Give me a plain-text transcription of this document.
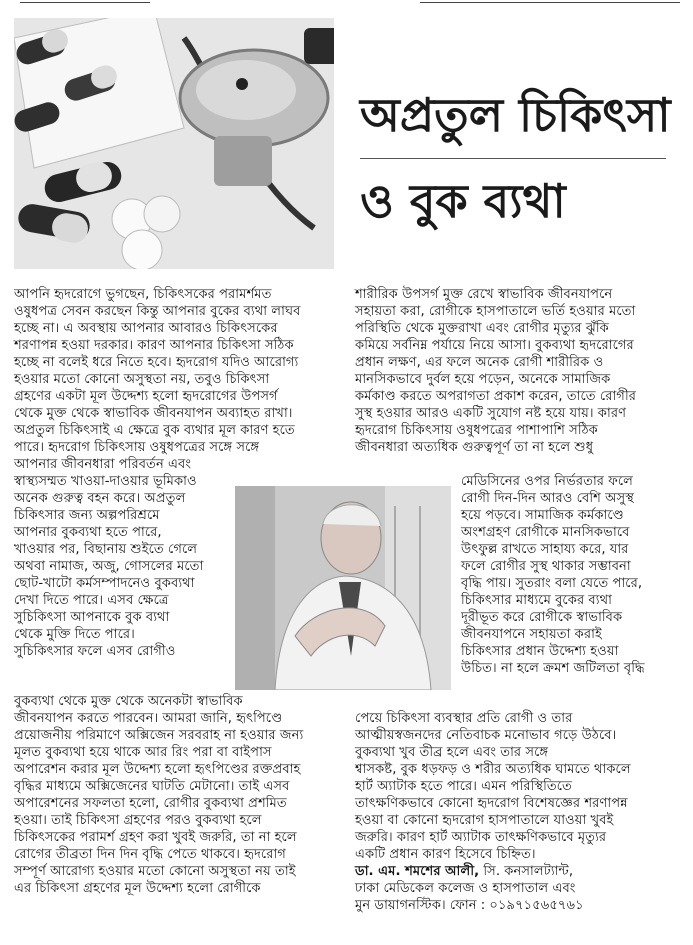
অপ্রতুল চিকিৎসা
ও বুক ব্যথা

আপনি হৃদরোগে ভুগছেন, চিকিৎসকের পরামর্শমত

ওষুধপত্র সেবন করছেন কিন্তু আপনার বুকের ব্যথা লাঘব

হচ্ছে না। এ অবস্থায় আপনার আবারও চিকিৎসকের

শরণাপন্ন হওয়া দরকার। কারণ আপনার চিকিৎসা সঠিক

হচ্ছে না বলেই ধরে নিতে হবে। হৃদরোগ যদিও আরোগ্য

হওয়ার মতো কোনো অসুস্থতা নয়, তবুও চিকিৎসা

গ্রহণের একটা মূল উদ্দেশ্য হলো হৃদরোগের উপসর্গ

থেকে মুক্ত থেকে স্বাভাবিক জীবনযাপন অব্যাহত রাখা।

অপ্রতুল চিকিৎসাই এ ক্ষেত্রে বুক ব্যথার মূল কারণ হতে

পারে। হৃদরোগ চিকিৎসায় ওষুধপত্রের সঙ্গে সঙ্গে

আপনার জীবনধারা পরিবর্তন এবং

স্বাস্থ্যসম্মত খাওয়া-দাওয়ার ভূমিকাও

অনেক গুরুত্ব বহন করে। অপ্রতুল

চিকিৎসার জন্য অল্পপরিশ্রমে

আপনার বুকব্যথা হতে পারে,

খাওয়ার পর, বিছানায় শুইতে গেলে

অথবা নামাজ, অজু, গোসলের মতো

ছোট-খাটো কর্মসম্পাদনেও বুকব্যথা

দেখা দিতে পারে। এসব ক্ষেত্রে

সুচিকিৎসা আপনাকে বুক ব্যথা

থেকে মুক্তি দিতে পারে।

সুচিকিৎসার ফলে এসব রোগীও

বুকব্যথা থেকে মুক্ত থেকে অনেকটা স্বাভাবিক

জীবনযাপন করতে পারবেন। আমরা জানি, হৃৎপিণ্ডে

প্রয়োজনীয় পরিমাণে অক্সিজেন সরবরাহ না হওয়ার জন্য

মূলত বুকব্যথা হয়ে থাকে আর রিং পরা বা বাইপাস

অপারেশন করার মূল উদ্দেশ্য হলো হৃৎপিণ্ডের রক্তপ্রবাহ

বৃদ্ধির মাধ্যমে অক্সিজেনের ঘাটতি মেটানো। তাই এসব

অপারেশনের সফলতা হলো, রোগীর বুকব্যথা প্রশমিত

হওয়া। তাই চিকিৎসা গ্রহণের পরও বুকব্যথা হলে

চিকিৎসকের পরামর্শ গ্রহণ করা খুবই জরুরি, তা না হলে

রোগের তীব্রতা দিন দিন বৃদ্ধি পেতে থাকবে। হৃদরোগ

সম্পূর্ণ আরোগ্য হওয়ার মতো কোনো অসুস্থতা নয় তাই

এর চিকিৎসা গ্রহণের মূল উদ্দেশ্য হলো রোগীকে

শারীরিক উপসর্গ মুক্ত রেখে স্বাভাবিক জীবনযাপনে

সহায়তা করা, রোগীকে হাসপাতালে ভর্তি হওয়ার মতো

পরিস্থিতি থেকে মুক্তরাখা এবং রোগীর মৃত্যুর ঝুঁকি

কমিয়ে সর্বনিম্ন পর্যায়ে নিয়ে আসা। বুকব্যথা হৃদরোগের

প্রধান লক্ষণ, এর ফলে অনেক রোগী শারীরিক ও

মানসিকভাবে দুর্বল হয়ে পড়েন, অনেকে সামাজিক

কর্মকাণ্ড করতে অপরাগতা প্রকাশ করেন, তাতে রোগীর

সুস্থ হওয়ার আরও একটি সুযোগ নষ্ট হয়ে যায়। কারণ

হৃদরোগ চিকিৎসায় ওষুধপত্রের পাশাপাশি সঠিক

জীবনধারা অত্যধিক গুরুত্বপূর্ণ তা না হলে শুধু

মেডিসিনের ওপর নির্ভরতার ফলে

রোগী দিন-দিন আরও বেশি অসুস্থ

হয়ে পড়বে। সামাজিক কর্মকাণ্ডে

অংশগ্রহণ রোগীকে মানসিকভাবে

উৎফুল্ল রাখতে সাহায্য করে, যার

ফলে রোগীর সুস্থ থাকার সম্ভাবনা

বৃদ্ধি পায়। সুতরাং বলা যেতে পারে,

চিকিৎসার মাধ্যমে বুকের ব্যথা

দূরীভূত করে রোগীকে স্বাভাবিক

জীবনযাপনে সহায়তা করাই

চিকিৎসার প্রধান উদ্দেশ্য হওয়া

উচিত। না হলে ক্রমশ জটিলতা বৃদ্ধি

পেয়ে চিকিৎসা ব্যবস্থার প্রতি রোগী ও তার

আত্মীয়স্বজনদের নেতিবাচক মনোভাব গড়ে উঠবে।

বুকব্যথা খুব তীব্র হলে এবং তার সঙ্গে

শ্বাসকষ্ট, বুক ধড়ফড় ও শরীর অত্যধিক ঘামতে থাকলে

হার্ট অ্যাটাক হতে পারে। এমন পরিস্থিতিতে

তাৎক্ষণিকভাবে কোনো হৃদরোগ বিশেষজ্ঞের শরণাপন্ন

হওয়া বা কোনো হৃদরোগ হাসপাতালে যাওয়া খুবই

জরুরি। কারণ হার্ট অ্যাটাক তাৎক্ষণিকভাবে মৃত্যুর

একটি প্রধান কারণ হিসেবে চিহ্নিত।

ডা. এম. শমশের আলী, সি. কনসালট্যান্ট,

ঢাকা মেডিকেল কলেজ ও হাসপাতাল এবং

মুন ডায়াগনস্টিক। ফোন : ০১৯৭১৫৬৫৭৬১
